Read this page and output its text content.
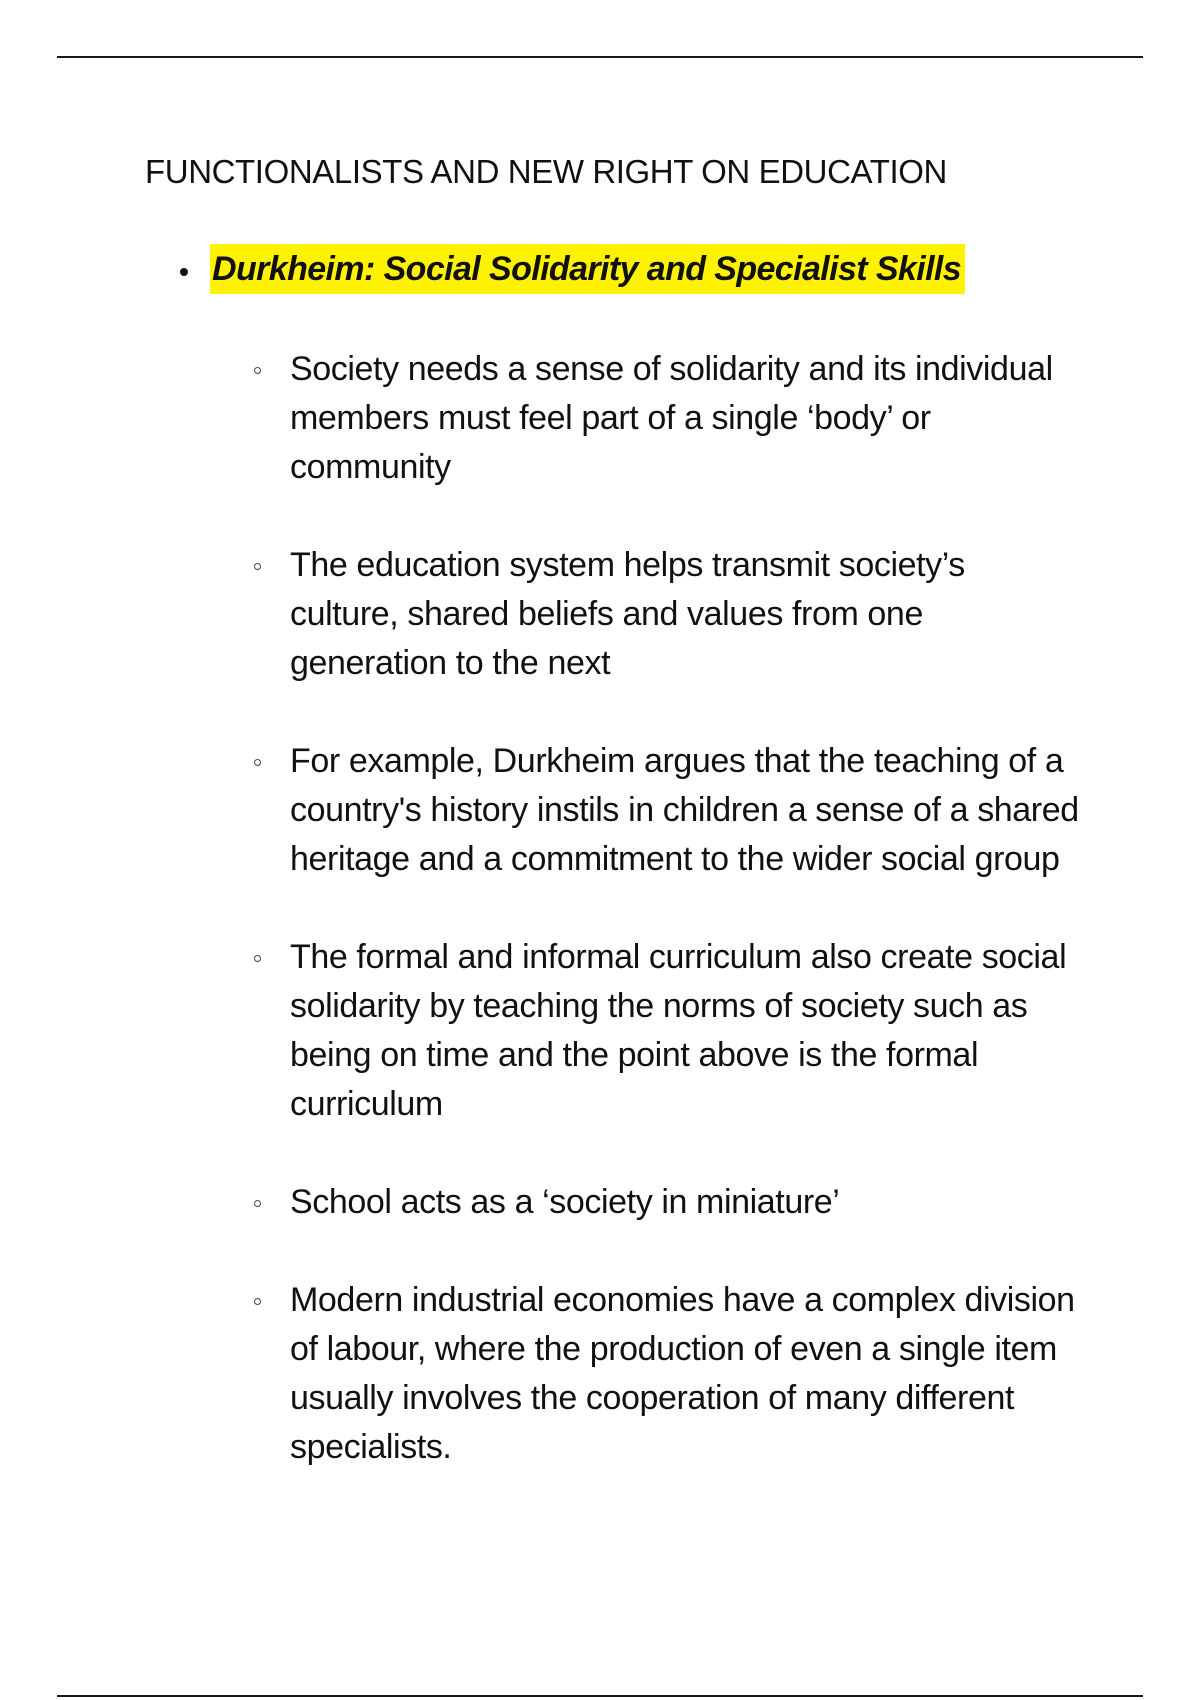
FUNCTIONALISTS AND NEW RIGHT ON EDUCATION
Durkheim: Social Solidarity and Specialist Skills
Society needs a sense of solidarity and its individual members must feel part of a single ‘body’ or community
The education system helps transmit society’s culture, shared beliefs and values from one generation to the next
For example, Durkheim argues that the teaching of a country's history instils in children a sense of a shared heritage and a commitment to the wider social group
The formal and informal curriculum also create social solidarity by teaching the norms of society such as being on time and the point above is the formal curriculum
School acts as a ‘society in miniature’
Modern industrial economies have a complex division of labour, where the production of even a single item usually involves the cooperation of many different specialists.
